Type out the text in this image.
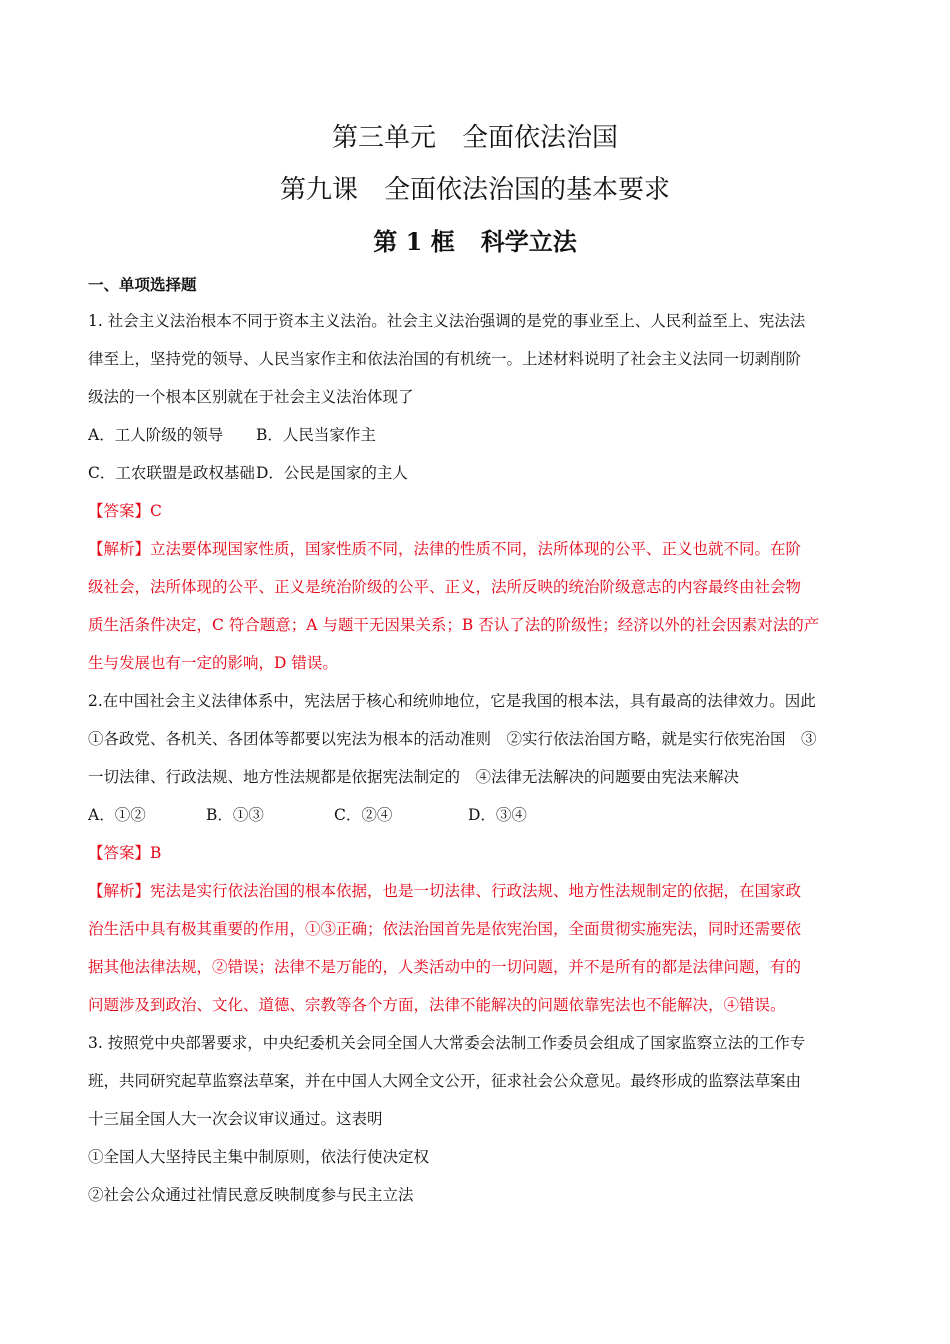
第三单元 全面依法治国
第九课 全面依法治国的基本要求
第 1 框 科学立法
一、单项选择题
1. 社会主义法治根本不同于资本主义法治。社会主义法治强调的是党的事业至上、人民利益至上、宪法法
律至上，坚持党的领导、人民当家作主和依法治国的有机统一。上述材料说明了社会主义法同一切剥削阶
级法的一个根本区别就在于社会主义法治体现了
A．工人阶级的领导 B．人民当家作主
C．工农联盟是政权基础D．公民是国家的主人
【答案】C
【解析】立法要体现国家性质，国家性质不同，法律的性质不同，法所体现的公平、正义也就不同。在阶
级社会，法所体现的公平、正义是统治阶级的公平、正义，法所反映的统治阶级意志的内容最终由社会物
质生活条件决定，C 符合题意；A 与题干无因果关系；B 否认了法的阶级性；经济以外的社会因素对法的产
生与发展也有一定的影响，D 错误。
2.在中国社会主义法律体系中，宪法居于核心和统帅地位，它是我国的根本法，具有最高的法律效力。因此
①各政党、各机关、各团体等都要以宪法为根本的活动准则　②实行依法治国方略，就是实行依宪治国　③
一切法律、行政法规、地方性法规都是依据宪法制定的　④法律无法解决的问题要由宪法来解决
A．①②	B．①③	C．②④	D．③④
【答案】B
【解析】宪法是实行依法治国的根本依据，也是一切法律、行政法规、地方性法规制定的依据，在国家政
治生活中具有极其重要的作用，①③正确；依法治国首先是依宪治国，全面贯彻实施宪法，同时还需要依
据其他法律法规，②错误；法律不是万能的，人类活动中的一切问题，并不是所有的都是法律问题，有的
问题涉及到政治、文化、道德、宗教等各个方面，法律不能解决的问题依靠宪法也不能解决，④错误。
3. 按照党中央部署要求，中央纪委机关会同全国人大常委会法制工作委员会组成了国家监察立法的工作专
班，共同研究起草监察法草案，并在中国人大网全文公开，征求社会公众意见。最终形成的监察法草案由
十三届全国人大一次会议审议通过。这表明
①全国人大坚持民主集中制原则，依法行使决定权
②社会公众通过社情民意反映制度参与民主立法
